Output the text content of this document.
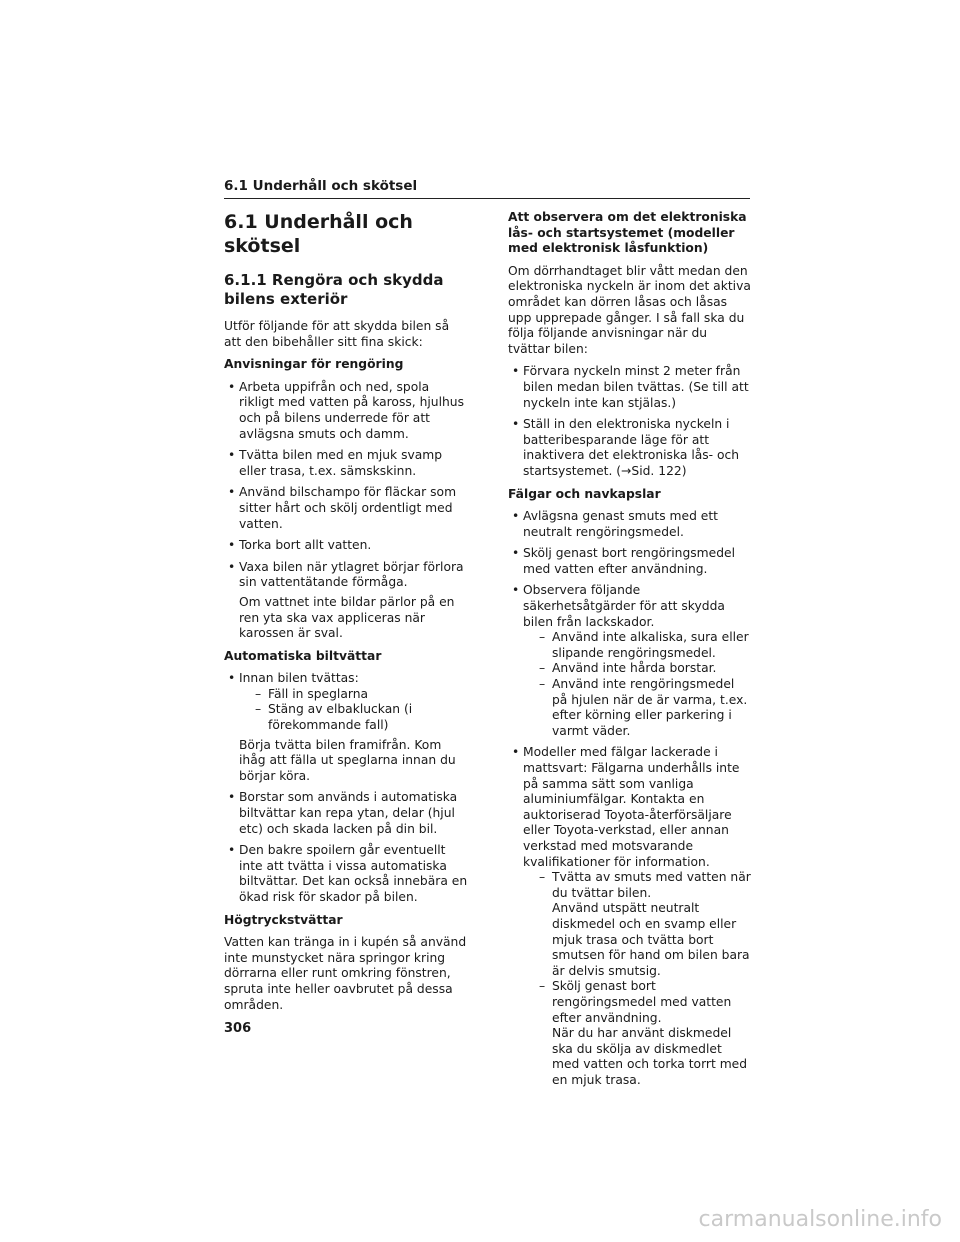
6.1 Underhåll och skötsel
6.1 Underhåll och skötsel
6.1.1 Rengöra och skydda bilens exteriör

Utför följande för att skydda bilen så att den bibehåller sitt fina skick:

Anvisningar för rengöring
• Arbeta uppifrån och ned, spola rikligt med vatten på kaross, hjulhus och på bilens underrede för att avlägsna smuts och damm.
• Tvätta bilen med en mjuk svamp eller trasa, t.ex. sämskskinn.
• Använd bilschampo för fläckar som sitter hårt och skölj ordentligt med vatten.
• Torka bort allt vatten.
• Vaxa bilen när ytlagret börjar förlora sin vattentätande förmåga.
Om vattnet inte bildar pärlor på en ren yta ska vax appliceras när karossen är sval.
Automatiska biltvättar
• Innan bilen tvättas:
– Fäll in speglarna
– Stäng av elbakluckan (i förekommande fall)
Börja tvätta bilen framifrån. Kom ihåg att fälla ut speglarna innan du börjar köra.
• Borstar som används i automatiska biltvättar kan repa ytan, delar (hjul etc) och skada lacken på din bil.
• Den bakre spoilern går eventuellt inte att tvätta i vissa automatiska biltvättar. Det kan också innebära en ökad risk för skador på bilen.
Högtryckstvättar

Vatten kan tränga in i kupén så använd inte munstycket nära springor kring dörrarna eller runt omkring fönstren, spruta inte heller oavbrutet på dessa områden.

Att observera om det elektroniska lås- och startsystemet (modeller med elektronisk låsfunktion)

Om dörrhandtaget blir vått medan den elektroniska nyckeln är inom det aktiva området kan dörren låsas och låsas upp upprepade gånger. I så fall ska du följa följande anvisningar när du tvättar bilen:

• Förvara nyckeln minst 2 meter från bilen medan bilen tvättas. (Se till att nyckeln inte kan stjälas.)
• Ställ in den elektroniska nyckeln i batteribesparande läge för att inaktivera det elektroniska lås- och startsystemet. (→Sid. 122)
Fälgar och navkapslar
• Avlägsna genast smuts med ett neutralt rengöringsmedel.
• Skölj genast bort rengöringsmedel med vatten efter användning.
• Observera följande säkerhetsåtgärder för att skydda bilen från lackskador.
– Använd inte alkaliska, sura eller slipande rengöringsmedel.
– Använd inte hårda borstar.
– Använd inte rengöringsmedel på hjulen när de är varma, t.ex. efter körning eller parkering i varmt väder.
• Modeller med fälgar lackerade i mattsvart: Fälgarna underhålls inte på samma sätt som vanliga aluminiumfälgar. Kontakta en auktoriserad Toyota-återförsäljare eller Toyota-verkstad, eller annan verkstad med motsvarande kvalifikationer för information.
– Tvätta av smuts med vatten när du tvättar bilen.
Använd utspätt neutralt diskmedel och en svamp eller mjuk trasa och tvätta bort smutsen för hand om bilen bara är delvis smutsig.
– Skölj genast bort rengöringsmedel med vatten efter användning.
När du har använt diskmedel ska du skölja av diskmedlet med vatten och torka torrt med en mjuk trasa.
306
carmanualsonline.info
